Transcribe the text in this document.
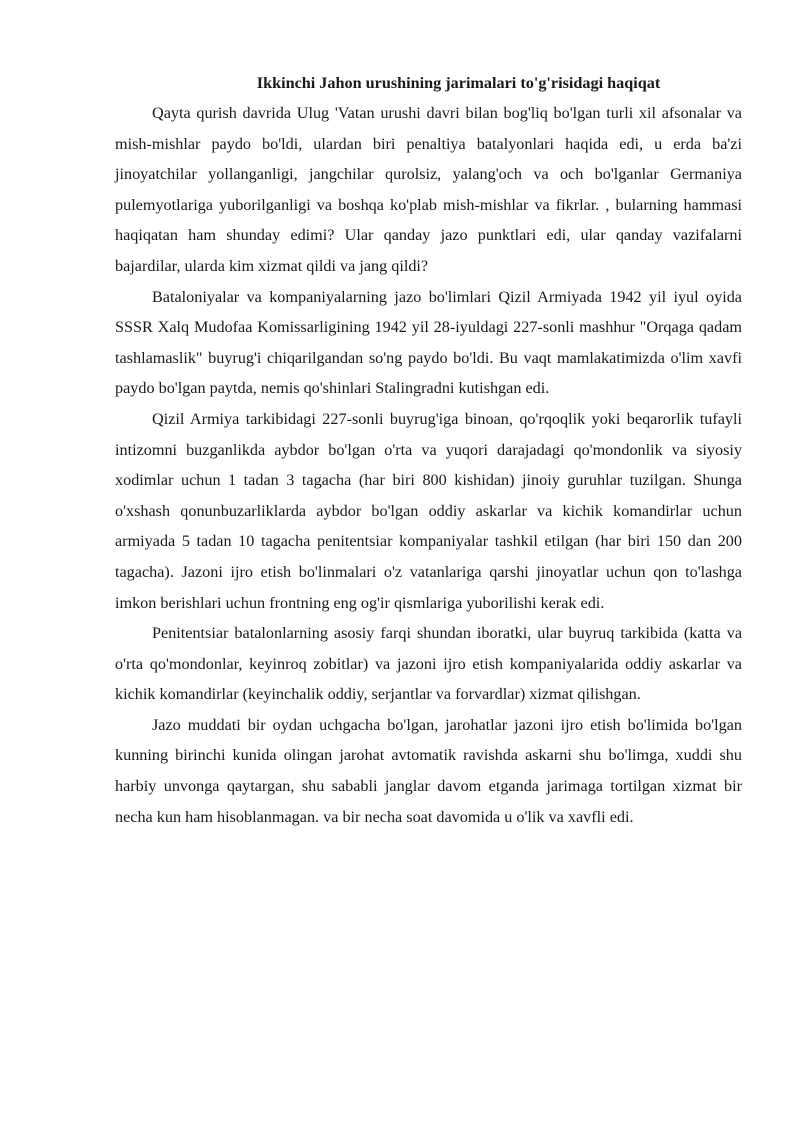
Ikkinchi Jahon urushining jarimalari to'g'risidagi haqiqat

Qayta qurish davrida Ulug 'Vatan urushi davri bilan bog'liq bo'lgan turli xil afsonalar va mish-mishlar paydo bo'ldi, ulardan biri penaltiya batalyonlari haqida edi, u erda ba'zi jinoyatchilar yollanganligi, jangchilar qurolsiz, yalang'och va och bo'lganlar Germaniya pulemyotlariga yuborilganligi va boshqa ko'plab mish-mishlar va fikrlar. , bularning hammasi haqiqatan ham shunday edimi? Ular qanday jazo punktlari edi, ular qanday vazifalarni bajardilar, ularda kim xizmat qildi va jang qildi?

Bataloniyalar va kompaniyalarning jazo bo'limlari Qizil Armiyada 1942 yil iyul oyida SSSR Xalq Mudofaa Komissarligining 1942 yil 28-iyuldagi 227-sonli mashhur "Orqaga qadam tashlamaslik" buyrug'i chiqarilgandan so'ng paydo bo'ldi. Bu vaqt mamlakatimizda o'lim xavfi paydo bo'lgan paytda, nemis qo'shinlari Stalingradni kutishgan edi.

Qizil Armiya tarkibidagi 227-sonli buyrug'iga binoan, qo'rqoqlik yoki beqarorlik tufayli intizomni buzganlikda aybdor bo'lgan o'rta va yuqori darajadagi qo'mondonlik va siyosiy xodimlar uchun 1 tadan 3 tagacha (har biri 800 kishidan) jinoiy guruhlar tuzilgan. Shunga o'xshash qonunbuzarliklarda aybdor bo'lgan oddiy askarlar va kichik komandirlar uchun armiyada 5 tadan 10 tagacha penitentsiar kompaniyalar tashkil etilgan (har biri 150 dan 200 tagacha). Jazoni ijro etish bo'linmalari o'z vatanlariga qarshi jinoyatlar uchun qon to'lashga imkon berishlari uchun frontning eng og'ir qismlariga yuborilishi kerak edi.

Penitentsiar batalonlarning asosiy farqi shundan iboratki, ular buyruq tarkibida (katta va o'rta qo'mondonlar, keyinroq zobitlar) va jazoni ijro etish kompaniyalarida oddiy askarlar va kichik komandirlar (keyinchalik oddiy, serjantlar va forvardlar) xizmat qilishgan.

Jazo muddati bir oydan uchgacha bo'lgan, jarohatlar jazoni ijro etish bo'limida bo'lgan kunning birinchi kunida olingan jarohat avtomatik ravishda askarni shu bo'limga, xuddi shu harbiy unvonga qaytargan, shu sababli janglar davom etganda jarimaga tortilgan xizmat bir necha kun ham hisoblanmagan. va bir necha soat davomida u o'lik va xavfli edi.
